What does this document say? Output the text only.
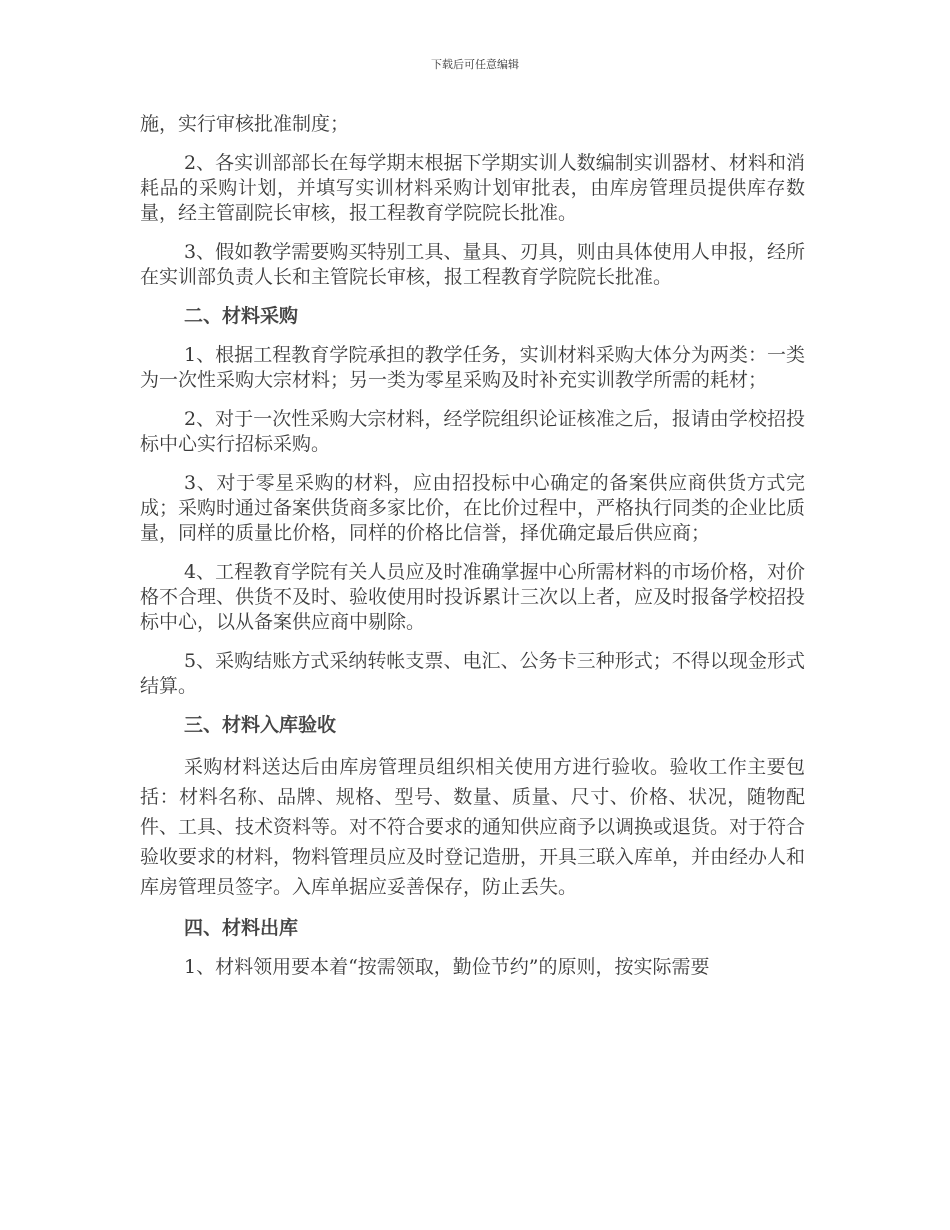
下载后可任意编辑

施，实行审核批准制度；

2、各实训部部长在每学期末根据下学期实训人数编制实训器材、材料和消耗品的采购计划，并填写实训材料采购计划审批表，由库房管理员提供库存数量，经主管副院长审核，报工程教育学院院长批准。

3、假如教学需要购买特别工具、量具、刃具，则由具体使用人申报，经所在实训部负责人长和主管院长审核，报工程教育学院院长批准。

二、材料采购

1、根据工程教育学院承担的教学任务，实训材料采购大体分为两类：一类为一次性采购大宗材料；另一类为零星采购及时补充实训教学所需的耗材；

2、对于一次性采购大宗材料，经学院组织论证核准之后，报请由学校招投标中心实行招标采购。

3、对于零星采购的材料，应由招投标中心确定的备案供应商供货方式完成；采购时通过备案供货商多家比价，在比价过程中，严格执行同类的企业比质量，同样的质量比价格，同样的价格比信誉，择优确定最后供应商；

4、工程教育学院有关人员应及时准确掌握中心所需材料的市场价格，对价格不合理、供货不及时、验收使用时投诉累计三次以上者，应及时报备学校招投标中心，以从备案供应商中剔除。

5、采购结账方式采纳转帐支票、电汇、公务卡三种形式；不得以现金形式结算。

三、材料入库验收

采购材料送达后由库房管理员组织相关使用方进行验收。验收工作主要包括：材料名称、品牌、规格、型号、数量、质量、尺寸、价格、状况，随物配件、工具、技术资料等。对不符合要求的通知供应商予以调换或退货。对于符合验收要求的材料，物料管理员应及时登记造册，开具三联入库单，并由经办人和库房管理员签字。入库单据应妥善保存，防止丢失。

四、材料出库

1、材料领用要本着“按需领取，勤俭节约”的原则，按实际需要
